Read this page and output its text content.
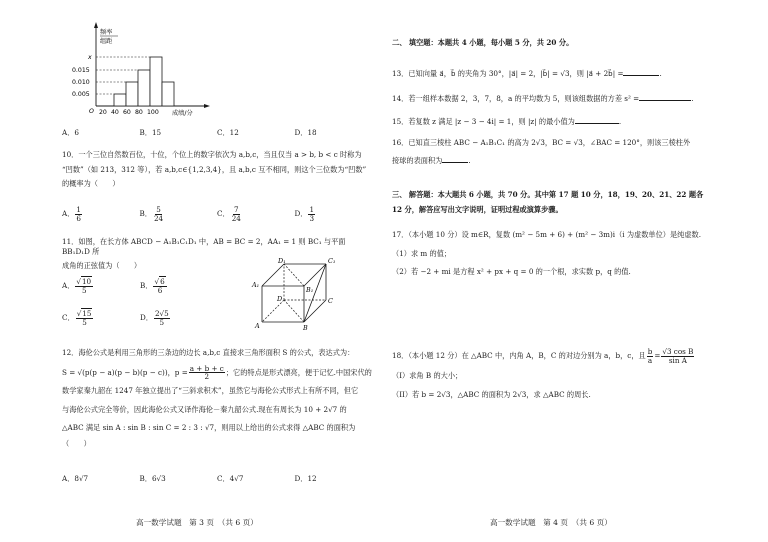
频率
组距
x
0.015
0.010
0.005
O 20 40 60 80 100 成绩/分
A．6	B．15	C．12	D．18
10．一个三位自然数百位，十位，个位上的数字依次为 a,b,c，当且仅当 a > b, b < c 时称为
“凹数”（如 213，312 等），若 a,b,c∈{1,2,3,4}，且 a,b,c 互不相同，则这个三位数为“凹数”
的概率为（　　）
A． $\frac{1}{6}$	B． $\frac{5}{24}$	C． $\frac{7}{24}$	D． $\frac{1}{3}$
11．如图，在长方体 ABCD − A₁B₁C₁D₁ 中，AB = BC = 2，AA₁ = 1 则 BC₁ 与平面 BB₁D₁D 所
成角的正弦值为（　　）
A． $\frac{√10}{5}$	B． $\frac{√6}{6}$
C． $\frac{√15}{5}$	D． $\frac{2√5}{5}$
D₁	C₁
A₁
B₁
D	C
A	B
12．海伦公式是利用三角形的三条边的边长 a,b,c 直接求三角形面积 S 的公式，表达式为：
S = √(p(p − a)(p − b)(p − c))，$p = \frac{a + b + c}{2}$ ；它的特点是形式漂亮，便于记忆.中国宋代的
数学家秦九韶在 1247 年独立提出了“三斜求积术”，虽然它与海伦公式形式上有所不同，但它
与海伦公式完全等价，因此海伦公式又译作海伦－秦九韶公式.现在有周长为 10 + 2√7 的
△ABC 满足 sin A : sin B : sin C = 2 : 3 : √7，则用以上给出的公式求得 △ABC 的面积为
（　　）
A．8√7	B．6√3	C．4√7	D．12
高一数学试题　第 3 页　（共 6 页）
二、 填空题：本题共 4 小题，每小题 5 分，共 20 分。
13．已知向量 a⃗，b⃗ 的夹角为 30°，|a⃗| = 2，|b⃗| = √3，则 |a⃗ + 2b⃗| =	.
14．若一组样本数据 2，3，7，8，a 的平均数为 5，则该组数据的方差 s² =	.
15．若复数 z 满足 |z − 3 − 4i| = 1，则 |z| 的最小值为	.
16．已知直三棱柱 ABC − A₁B₁C₁ 的高为 2√3，BC = √3，∠BAC = 120°，则该三棱柱外
接球的表面积为	.
三、 解答题：本大题共 6 小题，共 70 分。其中第 17 题 10 分，18，19、20、21、22 题各
12 分，解答应写出文字说明，证明过程或演算步骤。
17．（本小题 10 分）设 m∈R，复数 (m² − 5m + 6) + (m² − 3m)i（i 为虚数单位）是纯虚数.
（1）求 m 的值；
（2）若 −2 + mi 是方程 x² + px + q = 0 的一个根，求实数 p，q 的值.
18．（本小题 12 分）在 △ABC 中，内角 A，B，C 的对边分别为 a，b，c，且 $\frac{b}{a} = \frac{\text{√3 cos B}}{\text{sin A}}$
（I）求角 B 的大小；
（II）若 b = 2√3，△ABC 的面积为 2√3，求 △ABC 的周长.
高一数学试题　第 4 页　（共 6 页）
